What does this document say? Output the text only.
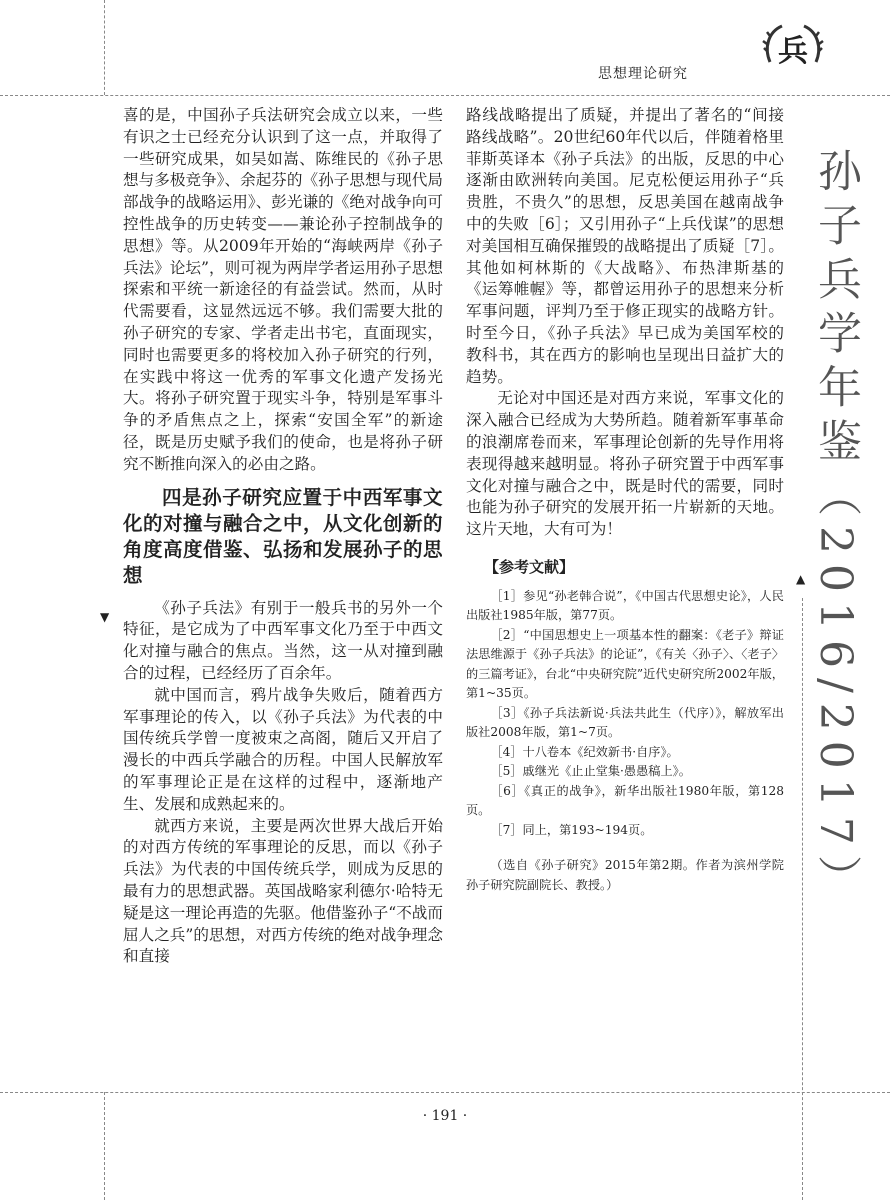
思想理论研究
兵
孙子兵学年鉴（2016/2017）
▼
▲

喜的是，中国孙子兵法研究会成立以来，一些有识之士已经充分认识到了这一点，并取得了一些研究成果，如吴如嵩、陈维民的《孙子思想与多极竞争》、余起芬的《孙子思想与现代局部战争的战略运用》、彭光谦的《绝对战争向可控性战争的历史转变——兼论孙子控制战争的思想》等。从2009年开始的“海峡两岸《孙子兵法》论坛”，则可视为两岸学者运用孙子思想探索和平统一新途径的有益尝试。然而，从时代需要看，这显然远远不够。我们需要大批的孙子研究的专家、学者走出书宅，直面现实，同时也需要更多的将校加入孙子研究的行列，在实践中将这一优秀的军事文化遗产发扬光大。将孙子研究置于现实斗争，特别是军事斗争的矛盾焦点之上，探索“安国全军”的新途径，既是历史赋予我们的使命，也是将孙子研究不断推向深入的必由之路。

四是孙子研究应置于中西军事文化的对撞与融合之中，从文化创新的角度高度借鉴、弘扬和发展孙子的思想

《孙子兵法》有别于一般兵书的另外一个特征，是它成为了中西军事文化乃至于中西文化对撞与融合的焦点。当然，这一从对撞到融合的过程，已经经历了百余年。

就中国而言，鸦片战争失败后，随着西方军事理论的传入，以《孙子兵法》为代表的中国传统兵学曾一度被束之高阁，随后又开启了漫长的中西兵学融合的历程。中国人民解放军的军事理论正是在这样的过程中，逐渐地产生、发展和成熟起来的。

就西方来说，主要是两次世界大战后开始的对西方传统的军事理论的反思，而以《孙子兵法》为代表的中国传统兵学，则成为反思的最有力的思想武器。英国战略家利德尔·哈特无疑是这一理论再造的先驱。他借鉴孙子“不战而屈人之兵”的思想，对西方传统的绝对战争理念和直接

路线战略提出了质疑，并提出了著名的“间接路线战略”。20世纪60年代以后，伴随着格里菲斯英译本《孙子兵法》的出版，反思的中心逐渐由欧洲转向美国。尼克松便运用孙子“兵贵胜，不贵久”的思想，反思美国在越南战争中的失败［6］；又引用孙子“上兵伐谋”的思想对美国相互确保摧毁的战略提出了质疑［7］。其他如柯林斯的《大战略》、布热津斯基的《运筹帷幄》等，都曾运用孙子的思想来分析军事问题，评判乃至于修正现实的战略方针。时至今日，《孙子兵法》早已成为美国军校的教科书，其在西方的影响也呈现出日益扩大的趋势。

无论对中国还是对西方来说，军事文化的深入融合已经成为大势所趋。随着新军事革命的浪潮席卷而来，军事理论创新的先导作用将表现得越来越明显。将孙子研究置于中西军事文化对撞与融合之中，既是时代的需要，同时也能为孙子研究的发展开拓一片崭新的天地。这片天地，大有可为！

【参考文献】

［1］参见“孙老韩合说”，《中国古代思想史论》，人民出版社1985年版，第77页。

［2］“中国思想史上一项基本性的翻案：《老子》辩证法思维源于《孙子兵法》的论证”，《有关〈孙子〉、〈老子〉的三篇考证》，台北“中央研究院”近代史研究所2002年版，第1~35页。

［3］《孙子兵法新说·兵法共此生（代序）》，解放军出版社2008年版，第1~7页。

［4］十八卷本《纪效新书·自序》。

［5］戚继光《止止堂集·愚愚稿上》。

［6］《真正的战争》，新华出版社1980年版，第128页。

［7］同上，第193~194页。

（选自《孙子研究》2015年第2期。作者为滨州学院孙子研究院副院长、教授。）

· 191 ·
